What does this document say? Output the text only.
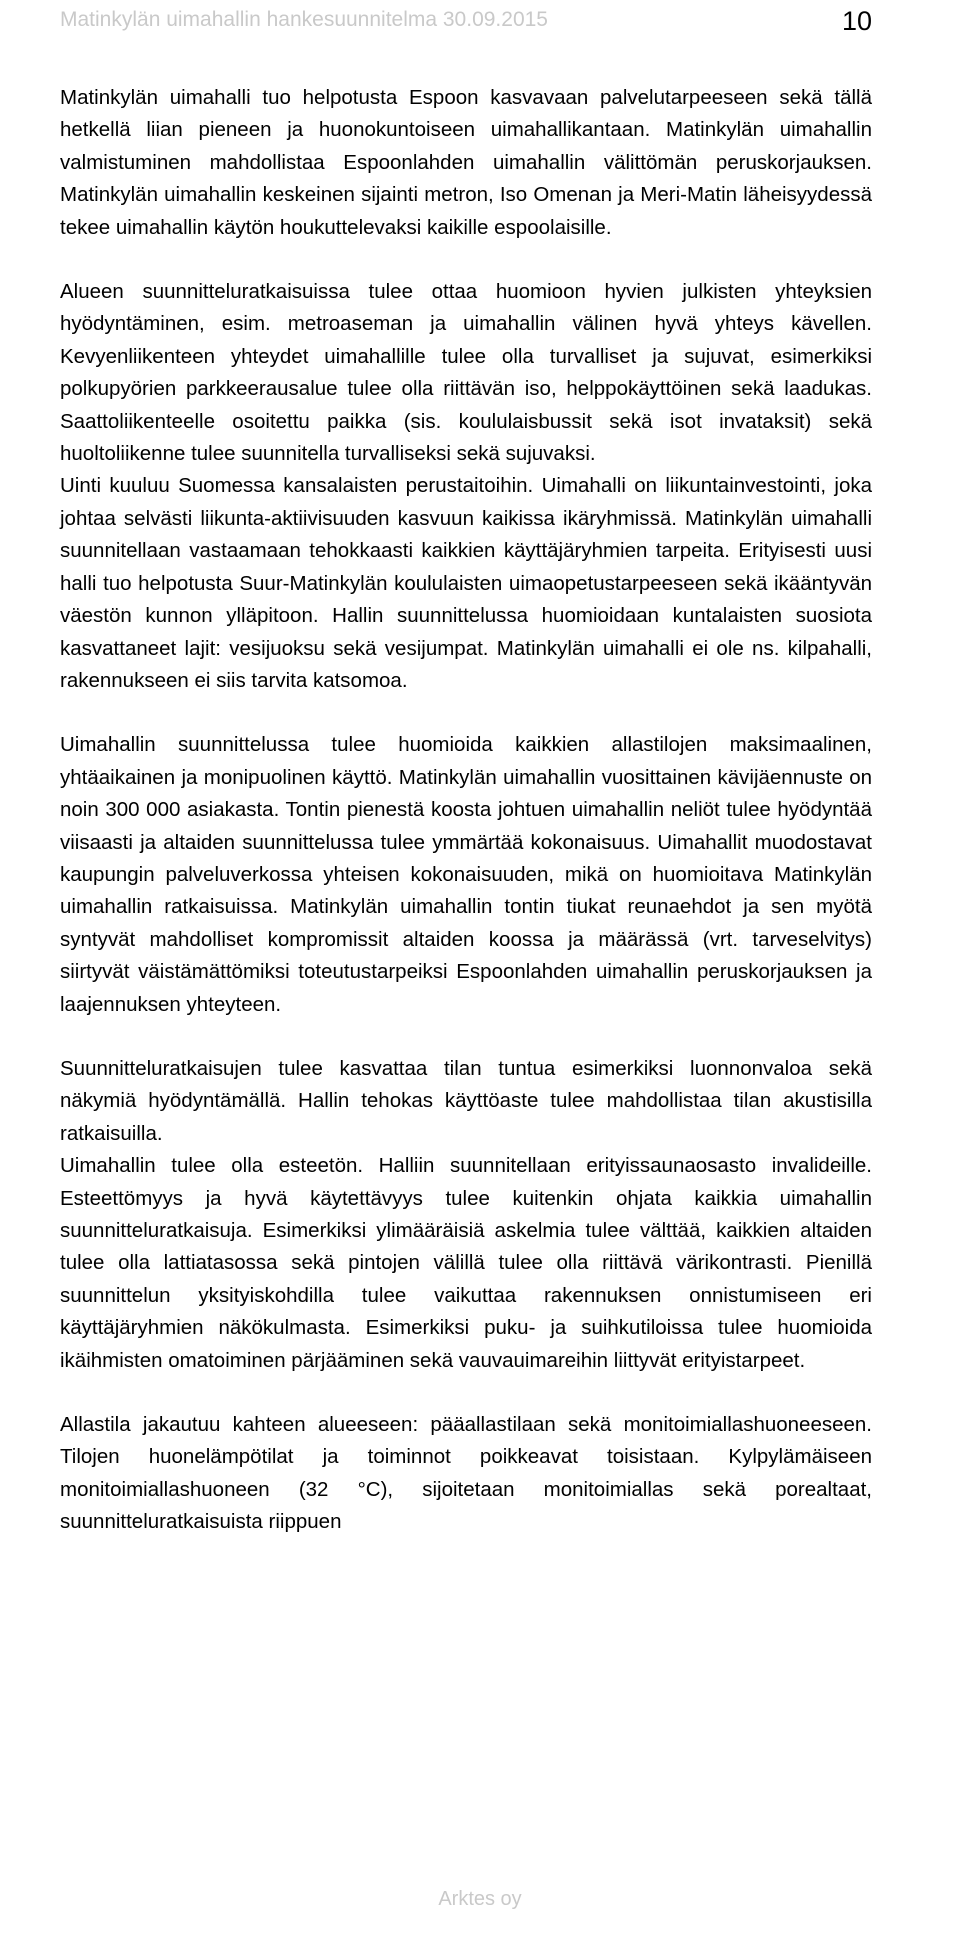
Matinkylän uimahallin hankesuunnitelma 30.09.2015	10

Matinkylän uimahalli tuo helpotusta Espoon kasvavaan palvelutarpeeseen sekä tällä hetkellä liian pieneen ja huonokuntoiseen uimahallikantaan. Matinkylän uimahallin valmistuminen mahdollistaa Espoonlahden uimahallin välittömän peruskorjauksen. Matinkylän uimahallin keskeinen sijainti metron, Iso Omenan ja Meri-Matin läheisyydessä tekee uimahallin käytön houkuttelevaksi kaikille espoolaisille.

Alueen suunnitteluratkaisuissa tulee ottaa huomioon hyvien julkisten yhteyksien hyödyntäminen, esim. metroaseman ja uimahallin välinen hyvä yhteys kävellen. Kevyenliikenteen yhteydet uimahallille tulee olla turvalliset ja sujuvat, esimerkiksi polkupyörien parkkeerausalue tulee olla riittävän iso, helppokäyttöinen sekä laadukas. Saattoliikenteelle osoitettu paikka (sis. koululaisbussit sekä isot invataksit) sekä huoltoliikenne tulee suunnitella turvalliseksi sekä sujuvaksi.

Uinti kuuluu Suomessa kansalaisten perustaitoihin. Uimahalli on liikuntainvestointi, joka johtaa selvästi liikunta-aktiivisuuden kasvuun kaikissa ikäryhmissä. Matinkylän uimahalli suunnitellaan vastaamaan tehokkaasti kaikkien käyttäjäryhmien tarpeita. Erityisesti uusi halli tuo helpotusta Suur-Matinkylän koululaisten uimaopetustarpeeseen sekä ikääntyvän väestön kunnon ylläpitoon. Hallin suunnittelussa huomioidaan kuntalaisten suosiota kasvattaneet lajit: vesijuoksu sekä vesijumpat. Matinkylän uimahalli ei ole ns. kilpahalli, rakennukseen ei siis tarvita katsomoa.

Uimahallin suunnittelussa tulee huomioida kaikkien allastilojen maksimaalinen, yhtäaikainen ja monipuolinen käyttö. Matinkylän uimahallin vuosittainen kävijäennuste on noin 300 000 asiakasta. Tontin pienestä koosta johtuen uimahallin neliöt tulee hyödyntää viisaasti ja altaiden suunnittelussa tulee ymmärtää kokonaisuus. Uimahallit muodostavat kaupungin palveluverkossa yhteisen kokonaisuuden, mikä on huomioitava Matinkylän uimahallin ratkaisuissa. Matinkylän uimahallin tontin tiukat reunaehdot ja sen myötä syntyvät mahdolliset kompromissit altaiden koossa ja määrässä (vrt. tarveselvitys) siirtyvät väistämättömiksi toteutustarpeiksi Espoonlahden uimahallin peruskorjauksen ja laajennuksen yhteyteen.

Suunnitteluratkaisujen tulee kasvattaa tilan tuntua esimerkiksi luonnonvaloa sekä näkymiä hyödyntämällä. Hallin tehokas käyttöaste tulee mahdollistaa tilan akustisilla ratkaisuilla.

Uimahallin tulee olla esteetön. Halliin suunnitellaan erityissaunaosasto invalideille. Esteettömyys ja hyvä käytettävyys tulee kuitenkin ohjata kaikkia uimahallin suunnitteluratkaisuja. Esimerkiksi ylimääräisiä askelmia tulee välttää, kaikkien altaiden tulee olla lattiatasossa sekä pintojen välillä tulee olla riittävä värikontrasti. Pienillä suunnittelun yksityiskohdilla tulee vaikuttaa rakennuksen onnistumiseen eri käyttäjäryhmien näkökulmasta. Esimerkiksi puku- ja suihkutiloissa tulee huomioida ikäihmisten omatoiminen pärjääminen sekä vauvauimareihin liittyvät erityistarpeet.

Allastila jakautuu kahteen alueeseen: pääallastilaan sekä monitoimiallashuoneeseen. Tilojen huonelämpötilat ja toiminnot poikkeavat toisistaan. Kylpylämäiseen monitoimiallashuoneen (32 °C), sijoitetaan monitoimiallas sekä porealtaat, suunnitteluratkaisuista riippuen

Arktes oy
